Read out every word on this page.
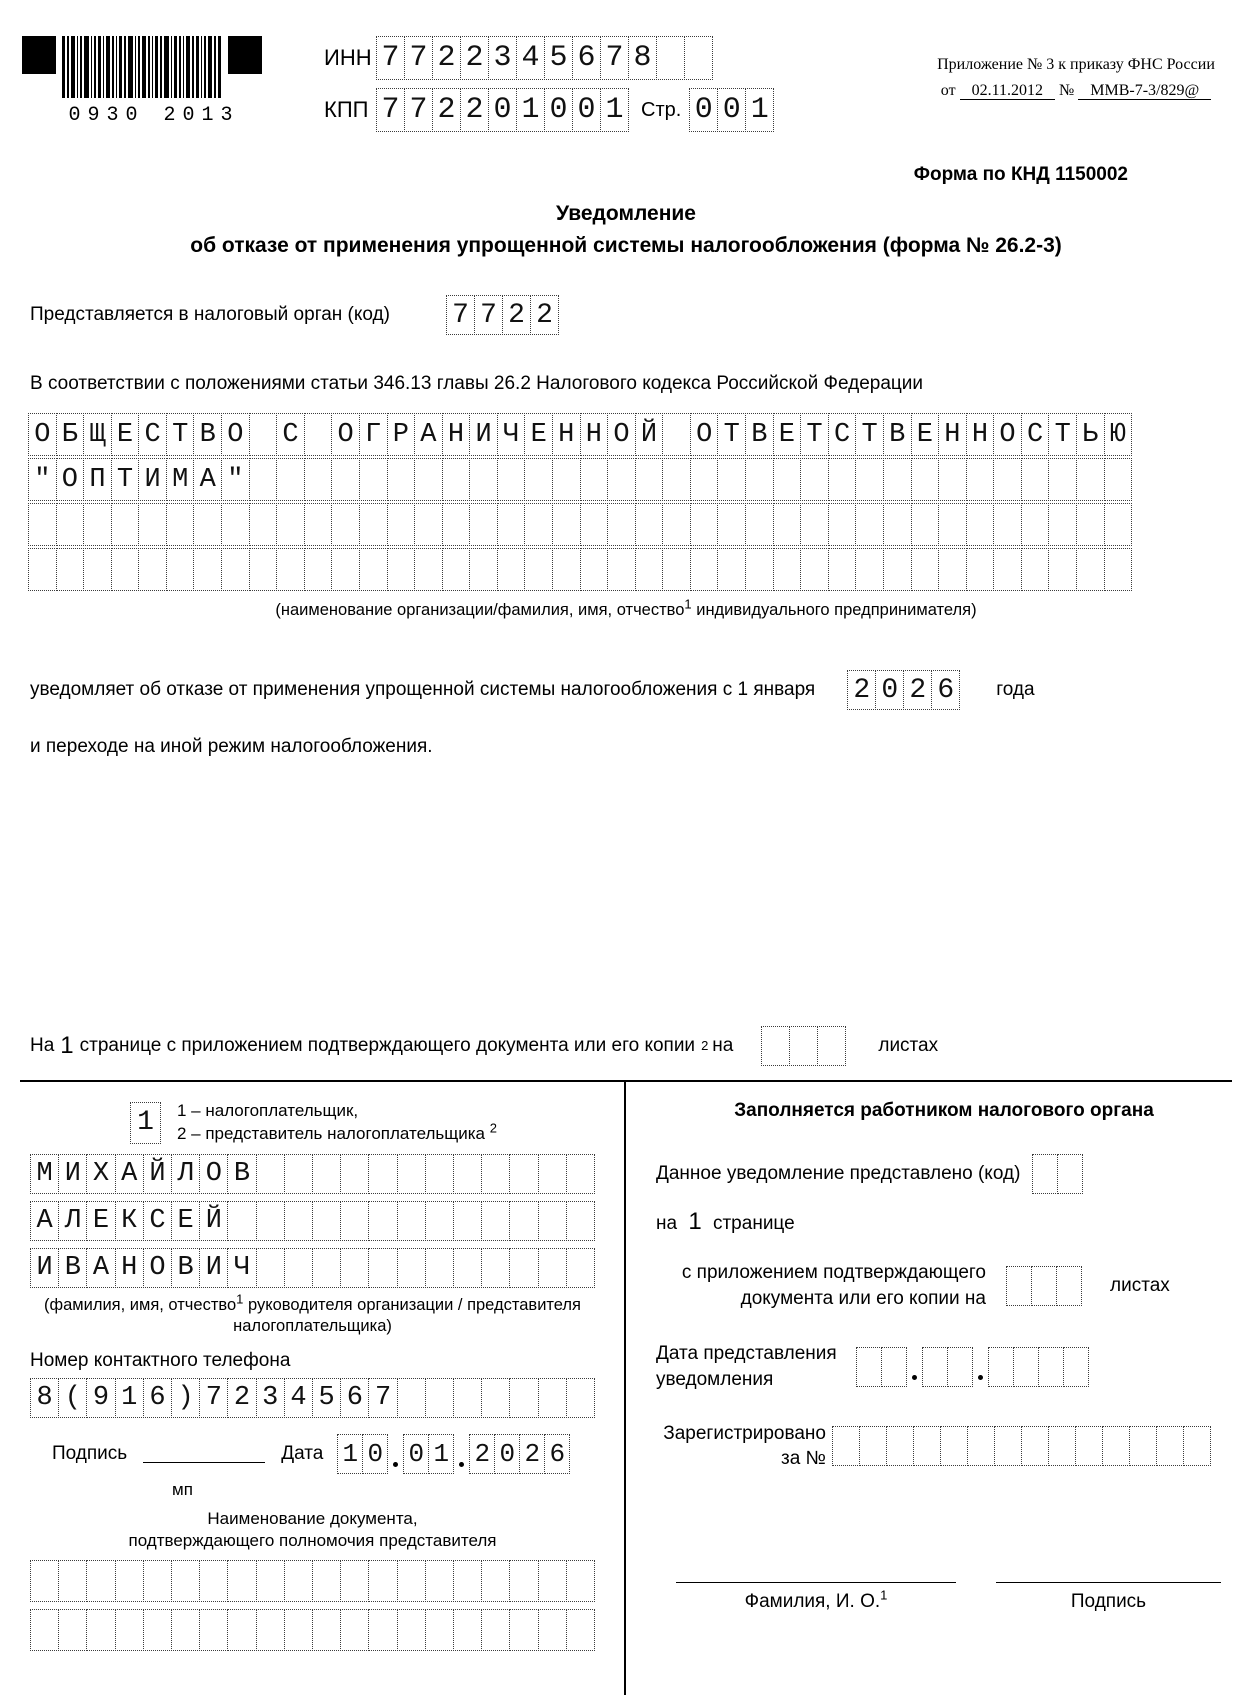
0930 2013
ИНН 7 7 2 2 3 4 5 6 7 8
КПП 7 7 2 2 0 1 0 0 1 Стр. 0 0 1
Приложение № 3 к приказу ФНС России
от 02.11.2012 № ММВ-7-3/829@
Форма по КНД 1150002
Уведомление
об отказе от применения упрощенной системы налогообложения (форма № 26.2-3)
Представляется в налоговый орган (код) 7 7 2 2
В соответствии с положениями статьи 346.13 главы 26.2 Налогового кодекса Российской Федерации
О Б Щ Е С Т В О С О Г Р А Н И Ч Е Н Н О Й О Т В Е Т С Т В Е Н Н О С Т Ь Ю
" О П Т И М А "
(наименование организации/фамилия, имя, отчество$^1$ индивидуального предпринимателя)
уведомляет об отказе от применения упрощенной системы налогообложения с 1 января 2 0 2 6	года
и переходе на иной режим налогообложения.
На 1 странице с приложением подтверждающего документа или его копии 2 на	листах
1	1 – налогоплательщик,
2 – представитель налогоплательщика $^2$
М И Х А Й Л О В
А Л Е К С Е Й
И В А Н О В И Ч
(фамилия, имя, отчество$^1$ руководителя организации / представителя
налогоплательщика)
Номер контактного телефона
8 ( 9 1 6 ) 7 2 3 4 5 6 7
Подпись	Дата 1 0 0 1 2 0 2 6
мп
Наименование документа,
подтверждающего полномочия представителя
Заполняется работником налогового органа
Данное уведомление представлено (код)
на 1 странице
с приложением подтверждающего
документа или его копии на
листах
Дата представления
уведомления
Зарегистрировано
за №
Фамилия, И. О.$^1$	Подпись
